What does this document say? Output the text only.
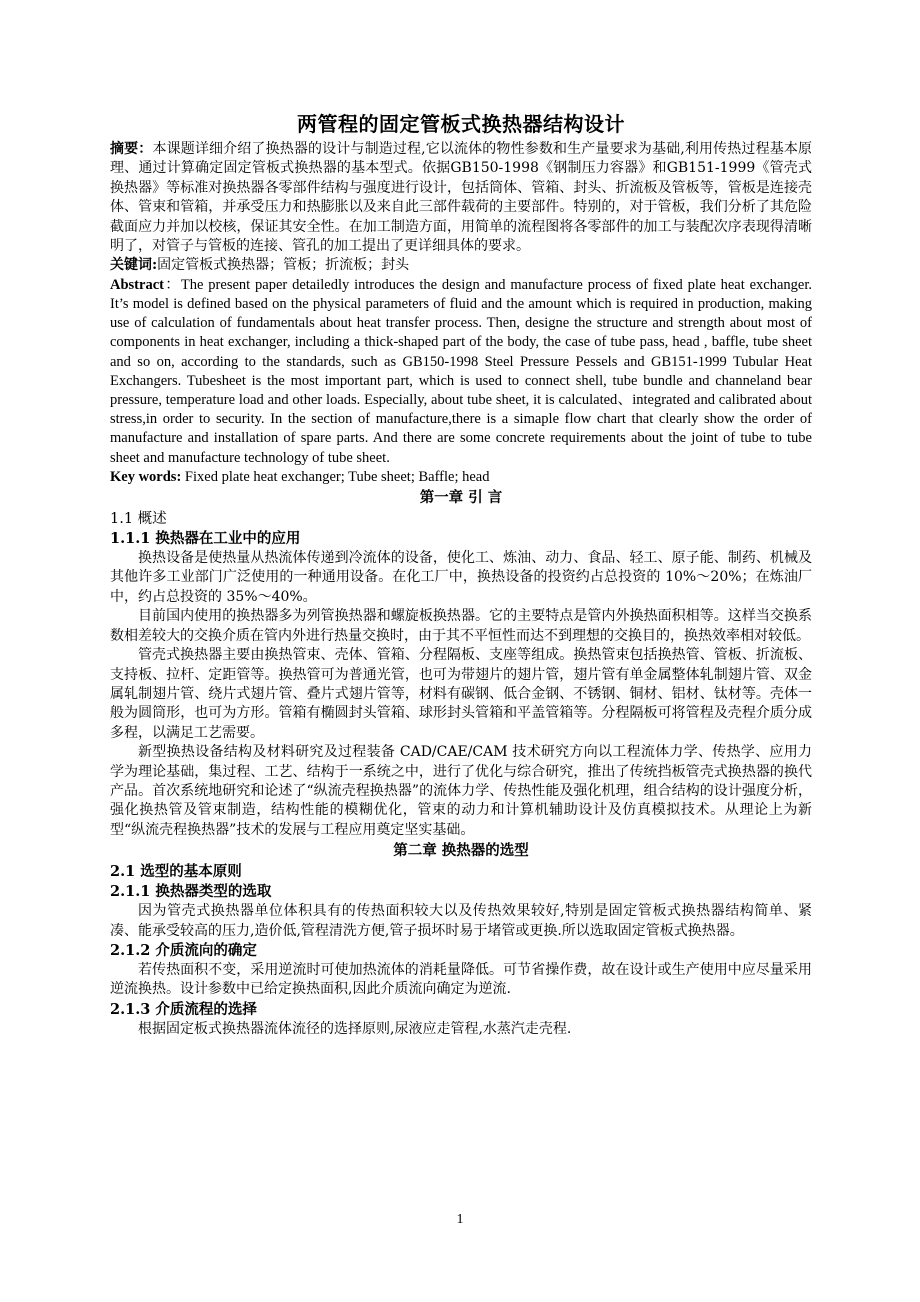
两管程的固定管板式换热器结构设计

摘要：本课题详细介绍了换热器的设计与制造过程,它以流体的物性参数和生产量要求为基础,利用传热过程基本原理、通过计算确定固定管板式换热器的基本型式。依据GB150-1998《钢制压力容器》和GB151-1999《管壳式换热器》等标准对换热器各零部件结构与强度进行设计，包括筒体、管箱、封头、折流板及管板等，管板是连接壳体、管束和管箱，并承受压力和热膨胀以及来自此三部件载荷的主要部件。特别的，对于管板，我们分析了其危险截面应力并加以校核，保证其安全性。在加工制造方面，用简单的流程图将各零部件的加工与装配次序表现得清晰明了，对管子与管板的连接、管孔的加工提出了更详细具体的要求。

关键词:固定管板式换热器；管板；折流板；封头

Abstract：The present paper detailedly introduces the design and manufacture process of fixed plate heat exchanger. It’s model is defined based on the physical parameters of fluid and the amount which is required in production, making use of calculation of fundamentals about heat transfer process. Then, designe the structure and strength about most of components in heat exchanger, including a thick-shaped part of the body, the case of tube pass, head , baffle, tube sheet and so on, according to the standards, such as GB150-1998 Steel Pressure Pessels and GB151-1999 Tubular Heat Exchangers. Tubesheet is the most important part, which is used to connect shell, tube bundle and channeland bear pressure, temperature load and other loads. Especially, about tube sheet, it is calculated、integrated and calibrated about stress,in order to security. In the section of manufacture,there is a simaple flow chart that clearly show the order of manufacture and installation of spare parts. And there are some concrete requirements about the joint of tube to tube sheet and manufacture technology of tube sheet.

Key words: Fixed plate heat exchanger; Tube sheet; Baffle; head

第一章 引 言
1.1 概述
1.1.1 换热器在工业中的应用

换热设备是使热量从热流体传递到冷流体的设备，使化工、炼油、动力、食品、轻工、原子能、制药、机械及其他许多工业部门广泛使用的一种通用设备。在化工厂中，换热设备的投资约占总投资的 10%～20%；在炼油厂中，约占总投资的 35%～40%。

目前国内使用的换热器多为列管换热器和螺旋板换热器。它的主要特点是管内外换热面积相等。这样当交换系数相差较大的交换介质在管内外进行热量交换时，由于其不平恒性而达不到理想的交换目的，换热效率相对较低。

管壳式换热器主要由换热管束、壳体、管箱、分程隔板、支座等组成。换热管束包括换热管、管板、折流板、支持板、拉杆、定距管等。换热管可为普通光管，也可为带翅片的翅片管，翅片管有单金属整体轧制翅片管、双金属轧制翅片管、绕片式翅片管、叠片式翅片管等，材料有碳钢、低合金钢、不锈钢、铜材、铝材、钛材等。壳体一般为圆筒形，也可为方形。管箱有椭圆封头管箱、球形封头管箱和平盖管箱等。分程隔板可将管程及壳程介质分成多程，以满足工艺需要。

新型换热设备结构及材料研究及过程装备 CAD/CAE/CAM 技术研究方向以工程流体力学、传热学、应用力学为理论基础，集过程、工艺、结构于一系统之中，进行了优化与综合研究，推出了传统挡板管壳式换热器的换代产品。首次系统地研究和论述了“纵流壳程换热器”的流体力学、传热性能及强化机理，组合结构的设计强度分析，强化换热管及管束制造，结构性能的模糊优化，管束的动力和计算机辅助设计及仿真模拟技术。从理论上为新型“纵流壳程换热器”技术的发展与工程应用奠定坚实基础。

第二章 换热器的选型
2.1 选型的基本原则
2.1.1 换热器类型的选取

因为管壳式换热器单位体积具有的传热面积较大以及传热效果较好,特别是固定管板式换热器结构简单、紧凑、能承受较高的压力,造价低,管程清洗方便,管子损坏时易于堵管或更换.所以选取固定管板式换热器。

2.1.2 介质流向的确定

若传热面积不变，采用逆流时可使加热流体的消耗量降低。可节省操作费，故在设计或生产使用中应尽量采用逆流换热。设计参数中已给定换热面积,因此介质流向确定为逆流.

2.1.3 介质流程的选择

根据固定板式换热器流体流径的选择原则,尿液应走管程,水蒸汽走壳程.

1
